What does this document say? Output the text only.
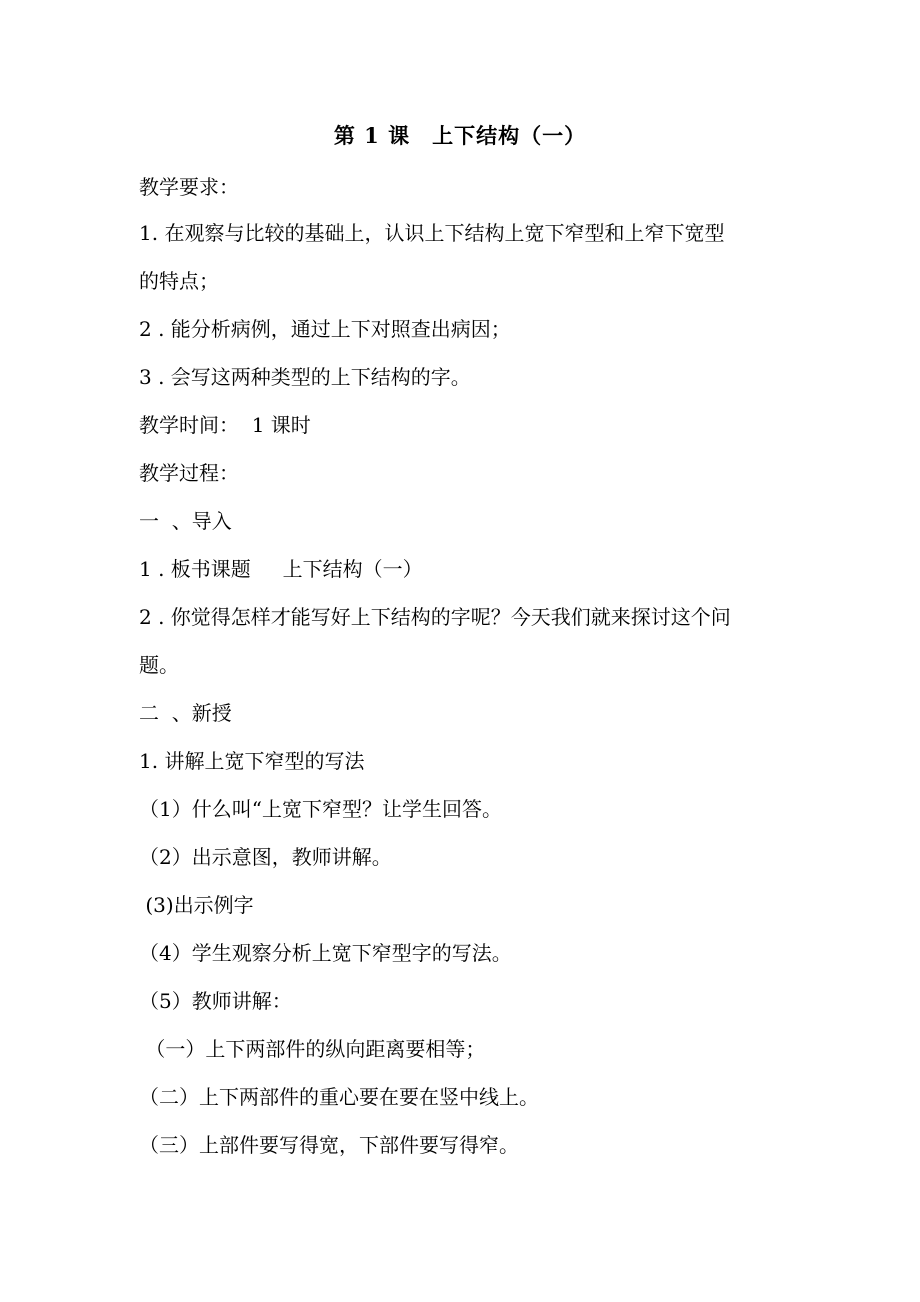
第 1 课　上下结构（一）
教学要求：
1. 在观察与比较的基础上，认识上下结构上宽下窄型和上窄下宽型
的特点；
2 . 能分析病例，通过上下对照查出病因；
3 . 会写这两种类型的上下结构的字。
教学时间：  1 课时
教学过程：
一  、导入
1 . 板书课题     上下结构（一）
2 . 你觉得怎样才能写好上下结构的字呢？今天我们就来探讨这个问
题。
二  、新授
1. 讲解上宽下窄型的写法
（1）什么叫“上宽下窄型？让学生回答。
（2）出示意图，教师讲解。
(3)出示例字
（4）学生观察分析上宽下窄型字的写法。
（5）教师讲解：
（一）上下两部件的纵向距离要相等；
（二）上下两部件的重心要在要在竖中线上。
（三）上部件要写得宽，下部件要写得窄。
